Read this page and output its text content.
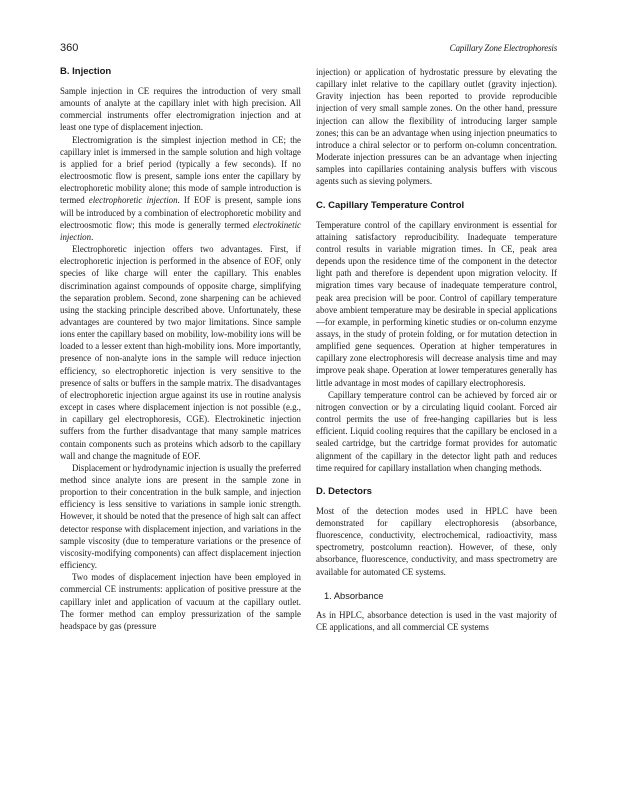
360	Capillary Zone Electrophoresis
B. Injection

Sample injection in CE requires the introduction of very small amounts of analyte at the capillary inlet with high precision. All commercial instruments offer electromigration injection and at least one type of displacement injection.

Electromigration is the simplest injection method in CE; the capillary inlet is immersed in the sample solution and high voltage is applied for a brief period (typically a few seconds). If no electroosmotic flow is present, sample ions enter the capillary by electrophoretic mobility alone; this mode of sample introduction is termed electrophoretic injection. If EOF is present, sample ions will be introduced by a combination of electrophoretic mobility and electroosmotic flow; this mode is generally termed electrokinetic injection.

Electrophoretic injection offers two advantages. First, if electrophoretic injection is performed in the absence of EOF, only species of like charge will enter the capillary. This enables discrimination against compounds of opposite charge, simplifying the separation problem. Second, zone sharpening can be achieved using the stacking principle described above. Unfortunately, these advantages are countered by two major limitations. Since sample ions enter the capillary based on mobility, low-mobility ions will be loaded to a lesser extent than high-mobility ions. More importantly, presence of non-analyte ions in the sample will reduce injection efficiency, so electrophoretic injection is very sensitive to the presence of salts or buffers in the sample matrix. The disadvantages of electrophoretic injection argue against its use in routine analysis except in cases where displacement injection is not possible (e.g., in capillary gel electrophoresis, CGE). Electrokinetic injection suffers from the further disadvantage that many sample matrices contain components such as proteins which adsorb to the capillary wall and change the magnitude of EOF.

Displacement or hydrodynamic injection is usually the preferred method since analyte ions are present in the sample zone in proportion to their concentration in the bulk sample, and injection efficiency is less sensitive to variations in sample ionic strength. However, it should be noted that the presence of high salt can affect detector response with displacement injection, and variations in the sample viscosity (due to temperature variations or the presence of viscosity-modifying components) can affect displacement injection efficiency.

Two modes of displacement injection have been employed in commercial CE instruments: application of positive pressure at the capillary inlet and application of vacuum at the capillary outlet. The former method can employ pressurization of the sample headspace by gas (pressure

injection) or application of hydrostatic pressure by elevating the capillary inlet relative to the capillary outlet (gravity injection). Gravity injection has been reported to provide reproducible injection of very small sample zones. On the other hand, pressure injection can allow the flexibility of introducing larger sample zones; this can be an advantage when using injection pneumatics to introduce a chiral selector or to perform on-column concentration. Moderate injection pressures can be an advantage when injecting samples into capillaries containing analysis buffers with viscous agents such as sieving polymers.

C. Capillary Temperature Control

Temperature control of the capillary environment is essential for attaining satisfactory reproducibility. Inadequate temperature control results in variable migration times. In CE, peak area depends upon the residence time of the component in the detector light path and therefore is dependent upon migration velocity. If migration times vary because of inadequate temperature control, peak area precision will be poor. Control of capillary temperature above ambient temperature may be desirable in special applications—for example, in performing kinetic studies or on-column enzyme assays, in the study of protein folding, or for mutation detection in amplified gene sequences. Operation at higher temperatures in capillary zone electrophoresis will decrease analysis time and may improve peak shape. Operation at lower temperatures generally has little advantage in most modes of capillary electrophoresis.

Capillary temperature control can be achieved by forced air or nitrogen convection or by a circulating liquid coolant. Forced air control permits the use of free-hanging capillaries but is less efficient. Liquid cooling requires that the capillary be enclosed in a sealed cartridge, but the cartridge format provides for automatic alignment of the capillary in the detector light path and reduces time required for capillary installation when changing methods.

D. Detectors

Most of the detection modes used in HPLC have been demonstrated for capillary electrophoresis (absorbance, fluorescence, conductivity, electrochemical, radioactivity, mass spectrometry, postcolumn reaction). However, of these, only absorbance, fluorescence, conductivity, and mass spectrometry are available for automated CE systems.

1. Absorbance

As in HPLC, absorbance detection is used in the vast majority of CE applications, and all commercial CE systems
